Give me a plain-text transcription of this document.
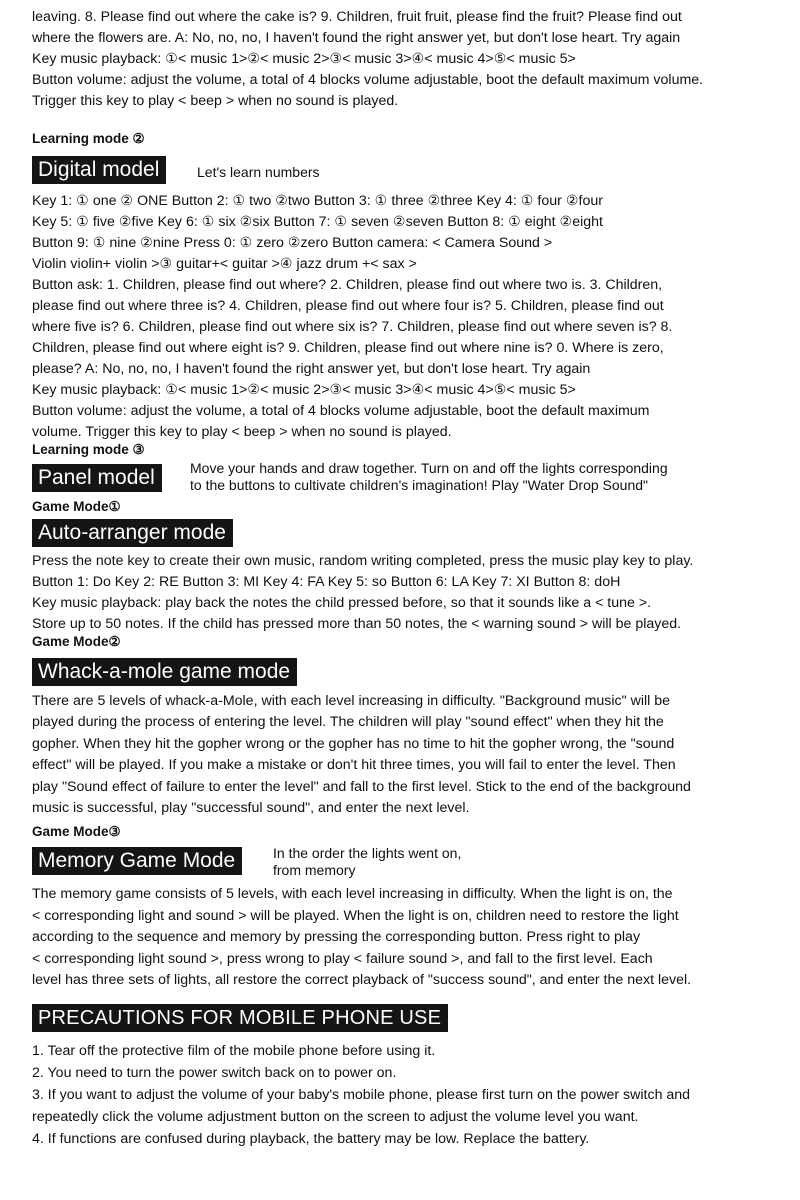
leaving. 8. Please find out where the cake is? 9. Children, fruit fruit, please find the fruit? Please find out

where the flowers are. A: No, no, no, I haven't found the right answer yet, but don't lose heart. Try again

Key music playback: ①< music 1>②< music 2>③< music 3>④< music 4>⑤< music 5>

Button volume: adjust the volume, a total of 4 blocks volume adjustable, boot the default maximum volume.

Trigger this key to play < beep > when no sound is played.

Learning mode ②
Digital model	Let's learn numbers

Key 1: ① one ② ONE Button 2: ① two ②two Button 3: ① three ②three Key 4: ① four ②four

Key 5: ① five ②five Key 6: ① six ②six Button 7: ① seven ②seven Button 8: ① eight ②eight

Button 9: ① nine ②nine Press 0: ① zero ②zero Button camera: < Camera Sound >

Violin violin+ violin >③ guitar+< guitar >④ jazz drum +< sax >

Button ask: 1. Children, please find out where? 2. Children, please find out where two is. 3. Children,

please find out where three is? 4. Children, please find out where four is? 5. Children, please find out

where five is? 6. Children, please find out where six is? 7. Children, please find out where seven is? 8.

Children, please find out where eight is? 9. Children, please find out where nine is? 0. Where is zero,

please? A: No, no, no, I haven't found the right answer yet, but don't lose heart. Try again

Key music playback: ①< music 1>②< music 2>③< music 3>④< music 4>⑤< music 5>

Button volume: adjust the volume, a total of 4 blocks volume adjustable, boot the default maximum

volume. Trigger this key to play < beep > when no sound is played.

Learning mode ③
Panel model	Move your hands and draw together. Turn on and off the lights corresponding
to the buttons to cultivate children's imagination! Play "Water Drop Sound"
Game Mode①
Auto-arranger mode

Press the note key to create their own music, random writing completed, press the music play key to play.

Button 1: Do Key 2: RE Button 3: MI Key 4: FA Key 5: so Button 6: LA Key 7: XI Button 8: doH

Key music playback: play back the notes the child pressed before, so that it sounds like a < tune >.

Store up to 50 notes. If the child has pressed more than 50 notes, the < warning sound > will be played.

Game Mode②
Whack-a-mole game mode

There are 5 levels of whack-a-Mole, with each level increasing in difficulty. "Background music" will be

played during the process of entering the level. The children will play "sound effect" when they hit the

gopher. When they hit the gopher wrong or the gopher has no time to hit the gopher wrong, the "sound

effect" will be played. If you make a mistake or don't hit three times, you will fail to enter the level. Then

play "Sound effect of failure to enter the level" and fall to the first level. Stick to the end of the background

music is successful, play "successful sound", and enter the next level.

Game Mode③
Memory Game Mode	In the order the lights went on,
from memory

The memory game consists of 5 levels, with each level increasing in difficulty. When the light is on, the

< corresponding light and sound > will be played. When the light is on, children need to restore the light

according to the sequence and memory by pressing the corresponding button. Press right to play

< corresponding light sound >, press wrong to play < failure sound >, and fall to the first level. Each

level has three sets of lights, all restore the correct playback of "success sound", and enter the next level.

PRECAUTIONS FOR MOBILE PHONE USE

1. Tear off the protective film of the mobile phone before using it.

2. You need to turn the power switch back on to power on.

3. If you want to adjust the volume of your baby's mobile phone, please first turn on the power switch and

repeatedly click the volume adjustment button on the screen to adjust the volume level you want.

4. If functions are confused during playback, the battery may be low. Replace the battery.
